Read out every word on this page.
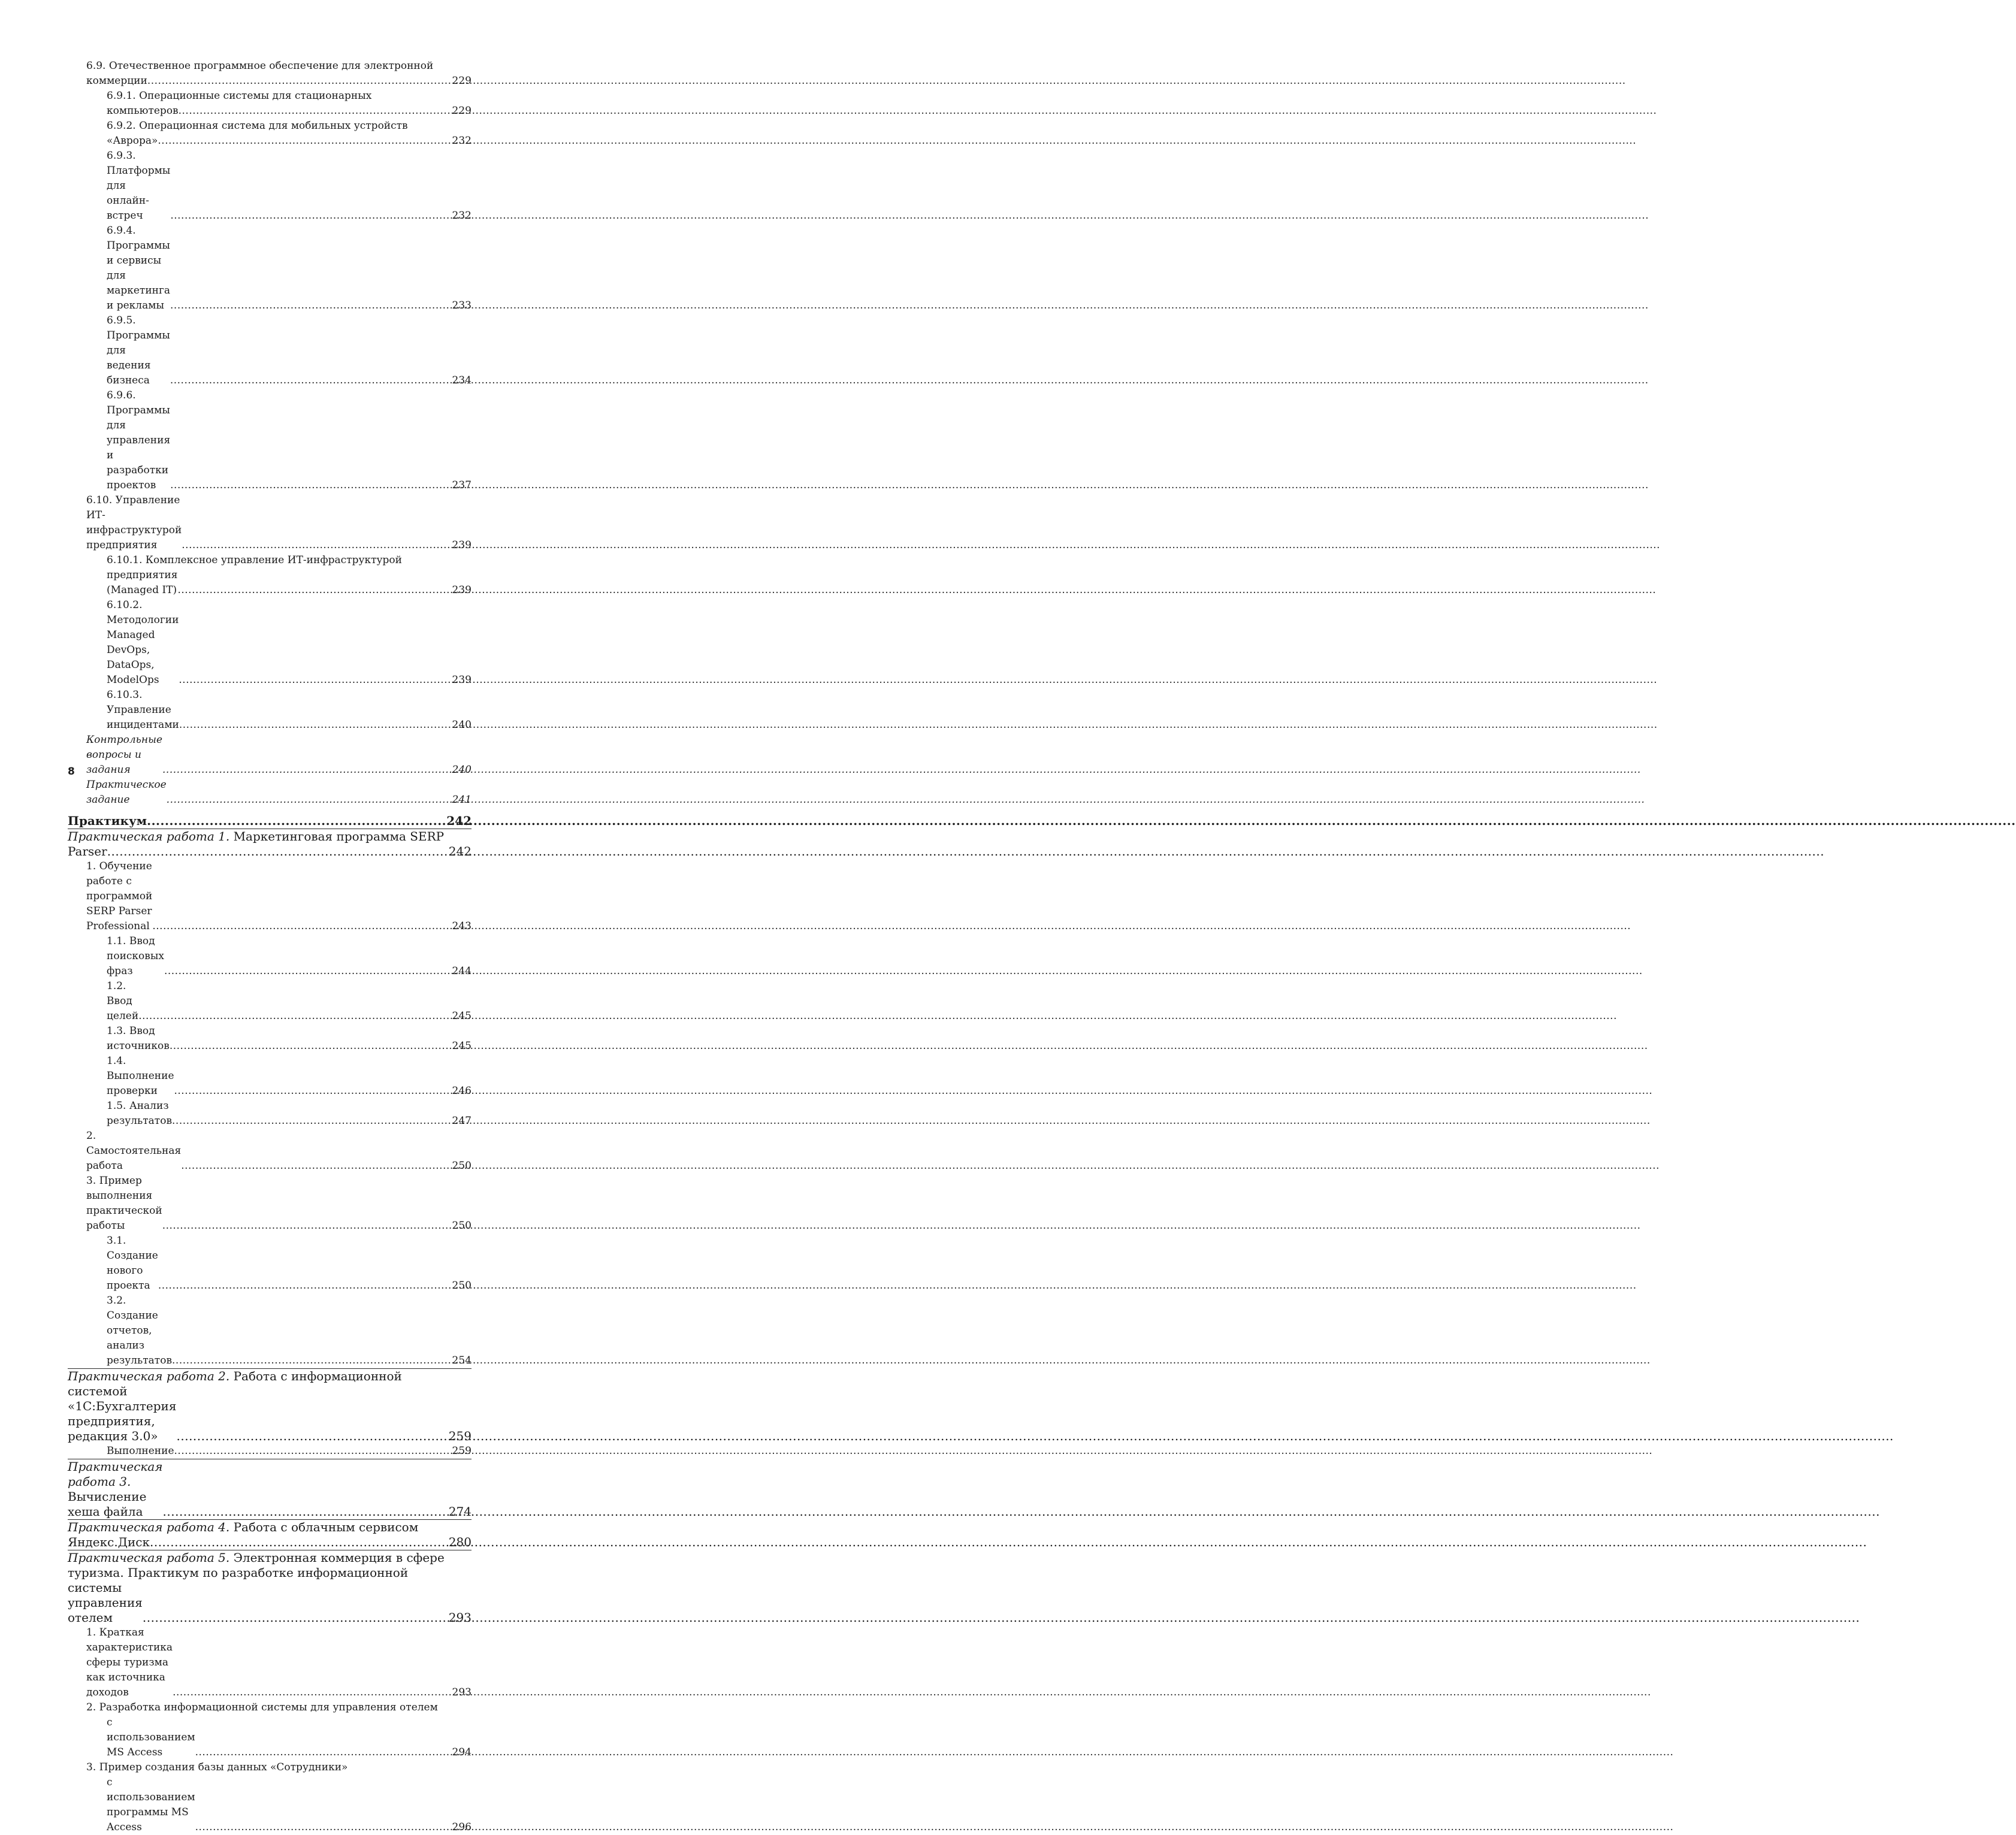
6.9. Отечественное программное обеспечение для электронной
коммерции .....	229
6.9.1. Операционные системы для стационарных
компьютеров .....	229
6.9.2. Операционная система для мобильных устройств
«Аврора» .....	232
6.9.3. Платформы для онлайн-встреч .....	232
6.9.4. Программы и сервисы для маркетинга и рекламы .....	233
6.9.5. Программы для ведения бизнеса .....	234
6.9.6. Программы для управления и разработки проектов .....	237
6.10. Управление ИТ-инфраструктурой предприятия .....	239
6.10.1. Комплексное управление ИТ-инфраструктурой
предприятия (Managed IT) .....	239
6.10.2. Методологии Managed DevOps, DataOps, ModelOps .....	239
6.10.3. Управление инцидентами .....	240
Контрольные вопросы и задания .....	240
Практическое задание .....	241
Практикум .....	242
Практическая работа 1. Маркетинговая программа SERP
Parser .....	242
1. Обучение работе с программой SERP Parser Professional .....	243
1.1. Ввод поисковых фраз .....	244
1.2. Ввод целей .....	245
1.3. Ввод источников .....	245
1.4. Выполнение проверки .....	246
1.5. Анализ результатов .....	247
2. Самостоятельная работа .....	250
3. Пример выполнения практической работы .....	250
3.1. Создание нового проекта .....	250
3.2. Создание отчетов, анализ результатов .....	254
Практическая работа 2. Работа с информационной
системой «1С:Бухгалтерия предприятия, редакция 3.0» .....	259
Выполнение .....	259
Практическая работа 3. Вычисление хеша файла .....	274
Практическая работа 4. Работа с облачным сервисом
Яндекс.Диск .....	280
Практическая работа 5. Электронная коммерция в сфере
туризма. Практикум по разработке информационной
системы управления отелем .....	293
1. Краткая характеристика сферы туризма как источника доходов .....	293
2. Разработка информационной системы для управления отелем
с использованием MS Access .....	294
3. Пример создания базы данных «Сотрудники»
с использованием программы MS Access .....	296
8
